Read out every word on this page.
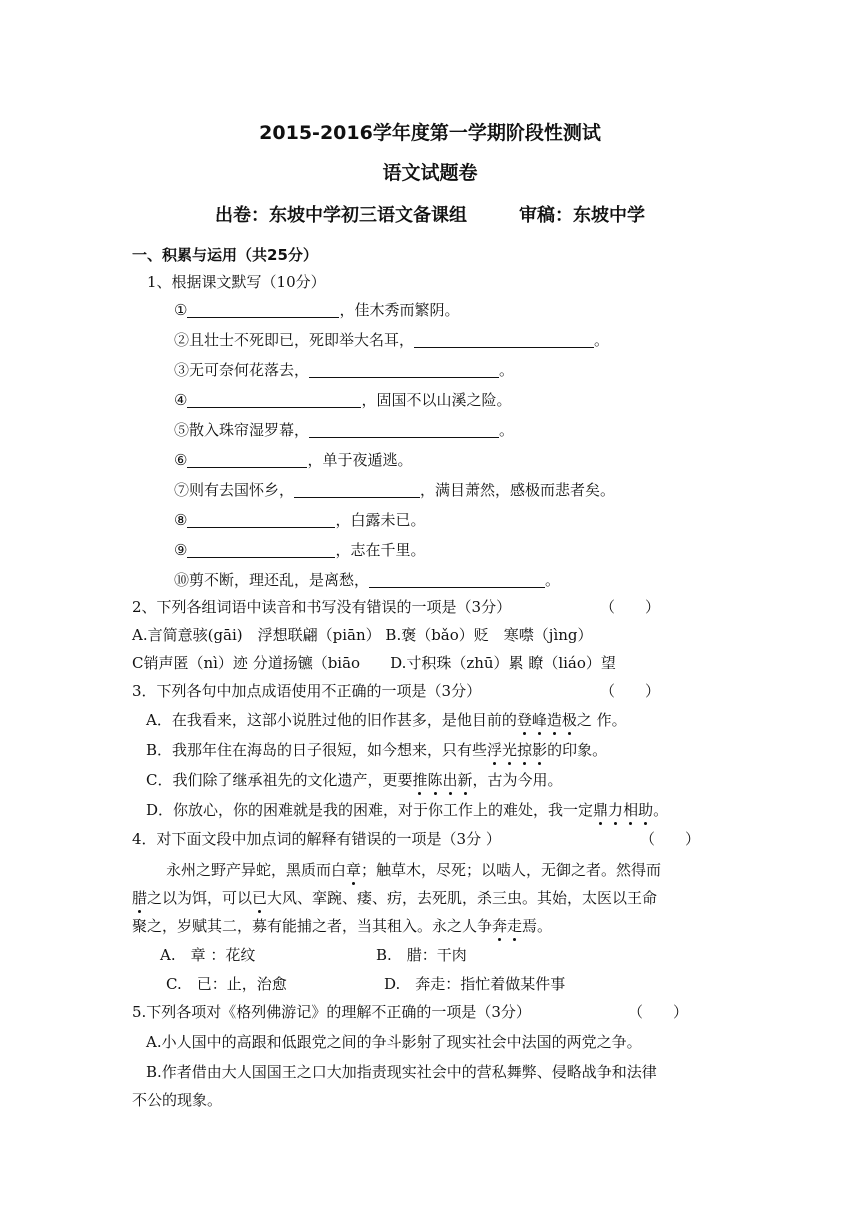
2015-2016学年度第一学期阶段性测试
语文试题卷
出卷：东坡中学初三语文备课组	审稿：东坡中学
一、积累与运用（共25分）
1、根据课文默写（10分）
①	，佳木秀而繁阴。
②且壮士不死即已，死即举大名耳，	。
③无可奈何花落去，	。
④	，固国不以山溪之险。
⑤散入珠帘湿罗幕，	。
⑥	，单于夜遁逃。
⑦则有去国怀乡，	，满目萧然，感极而悲者矣。
⑧	，白露未已。
⑨	，志在千里。
⑩剪不断，理还乱，是离愁，	。
2、下列各组词语中读音和书写没有错误的一项是（3分）	（　　）
A.言简意骇(gāi)　浮想联翩（piān） B.褒（bǎo）贬　寒噤（jìng）
C销声匿（nì）迹 分道扬镳（biāo　　D.寸积珠（zhū）累 瞭（liáo）望
3．下列各句中加点成语使用不正确的一项是（3分）	（　　）
A．在我看来，这部小说胜过他的旧作甚多，是他目前的登峰造极之 作。
B．我那年住在海岛的日子很短，如今想来，只有些浮光掠影的印象。
C．我们除了继承祖先的文化遗产，更要推陈出新，古为今用。
D．你放心，你的困难就是我的困难，对于你工作上的难处，我一定鼎力相助。
4．对下面文段中加点词的解释有错误的一项是（3分 ）	（　　）
永州之野产异蛇，黑质而白章；触草木，尽死；以啮人，无御之者。然得而
腊之以为饵，可以已大风、挛踠、瘘、疠，去死肌，杀三虫。其始，太医以王命
聚之，岁赋其二，募有能捕之者，当其租入。永之人争奔走焉。
A.　章 ：花纹	B.　腊：干肉
C.　已：止，治愈	D.　奔走：指忙着做某件事
5.下列各项对《格列佛游记》的理解不正确的一项是（3分）	（　　）
A.小人国中的高跟和低跟党之间的争斗影射了现实社会中法国的两党之争。
B.作者借由大人国国王之口大加指责现实社会中的营私舞弊、侵略战争和法律
不公的现象。
